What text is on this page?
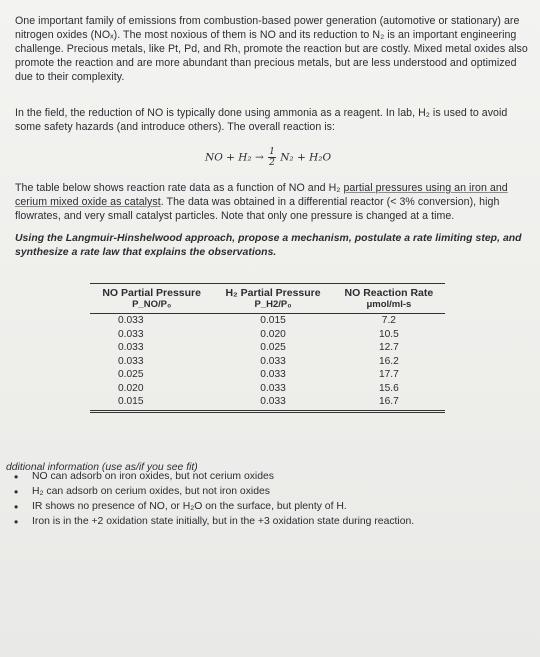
One important family of emissions from combustion-based power generation (automotive or stationary) are nitrogen oxides (NOₓ). The most noxious of them is NO and its reduction to N₂ is an important engineering challenge. Precious metals, like Pt, Pd, and Rh, promote the reaction but are costly. Mixed metal oxides also promote the reaction and are more abundant than precious metals, but are less understood and optimized due to their complexity.
In the field, the reduction of NO is typically done using ammonia as a reagent. In lab, H₂ is used to avoid some safety hazards (and introduce others). The overall reaction is:
NO + $H_2 \to \frac{1}{2} N_2 + H_2O$
The table below shows reaction rate data as a function of NO and H₂ partial pressures using an iron and cerium mixed oxide as catalyst. The data was obtained in a differential reactor (< 3% conversion), high flowrates, and very small catalyst particles. Note that only one pressure is changed at a time.
Using the Langmuir-Hinshelwood approach, propose a mechanism, postulate a rate limiting step, and synthesize a rate law that explains the observations.
NO Partial Pressure	H₂ Partial Pressure	NO Reaction Rate
P_NO/P₀	P_H2/P₀	μmol/ml-s
0.033	0.015	7.2
0.033	0.020	10.5
0.033	0.025	12.7
0.033	0.033	16.2
0.025	0.033	17.7
0.020	0.033	15.6
0.015	0.033	16.7
dditional information (use as/if you see fit)
• NO can adsorb on iron oxides, but not cerium oxides
• H₂ can adsorb on cerium oxides, but not iron oxides
• IR shows no presence of NO, or H₂O on the surface, but plenty of H.
• Iron is in the +2 oxidation state initially, but in the +3 oxidation state during reaction.
